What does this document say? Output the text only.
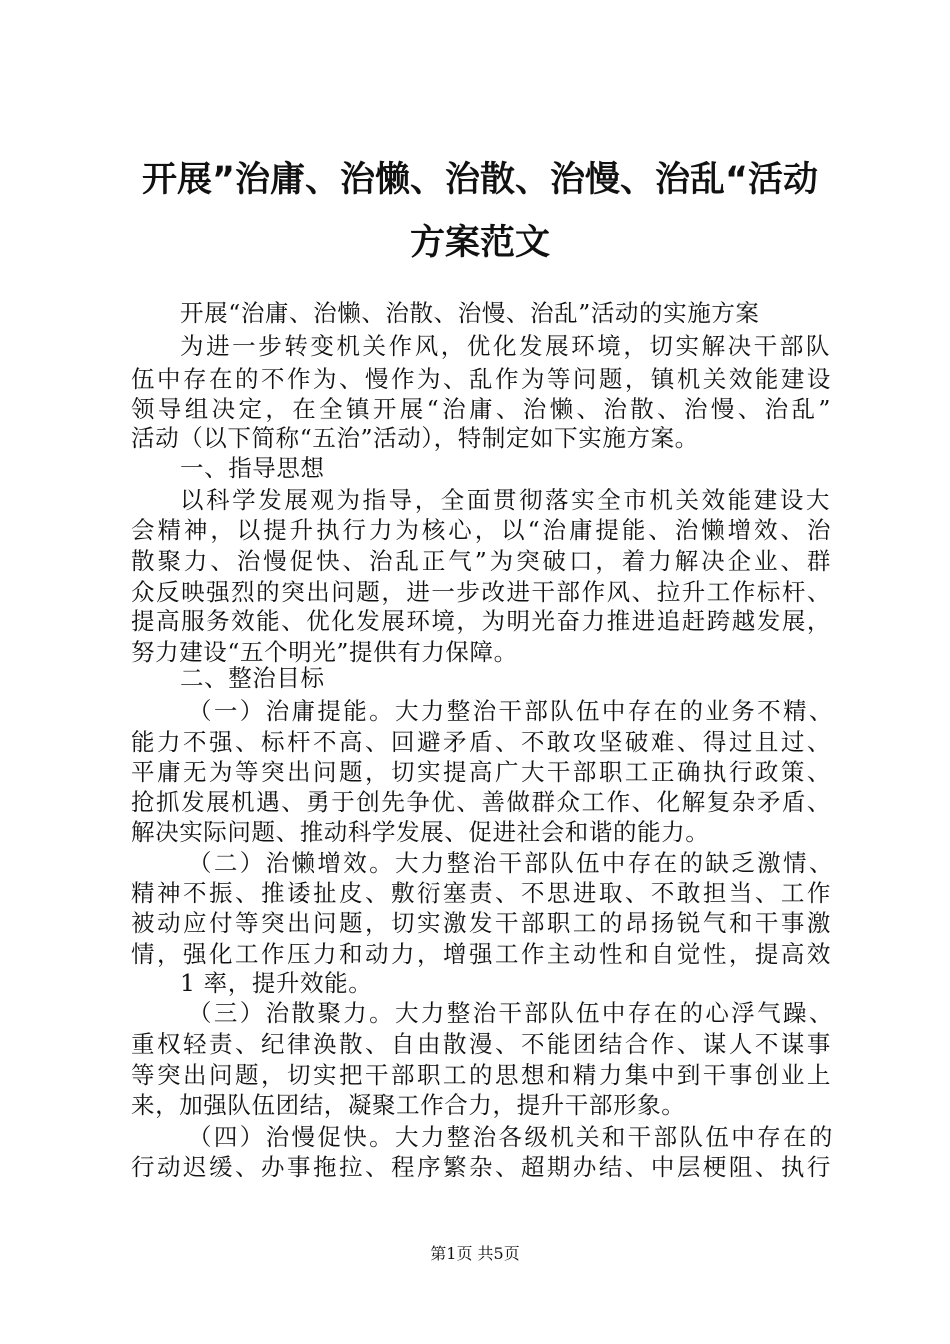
开展”治庸、治懒、治散、治慢、治乱“活动
方案范文
开展“治庸、治懒、治散、治慢、治乱”活动的实施方案
为进一步转变机关作风，优化发展环境，切实解决干部队
伍中存在的不作为、慢作为、乱作为等问题，镇机关效能建设
领导组决定，在全镇开展“治庸、治懒、治散、治慢、治乱”
活动（以下简称“五治”活动），特制定如下实施方案。
一、指导思想
以科学发展观为指导，全面贯彻落实全市机关效能建设大
会精神，以提升执行力为核心，以“治庸提能、治懒增效、治
散聚力、治慢促快、治乱正气”为突破口，着力解决企业、群
众反映强烈的突出问题，进一步改进干部作风、拉升工作标杆、
提高服务效能、优化发展环境，为明光奋力推进追赶跨越发展，
努力建设“五个明光”提供有力保障。
二、整治目标
（一）治庸提能。大力整治干部队伍中存在的业务不精、
能力不强、标杆不高、回避矛盾、不敢攻坚破难、得过且过、
平庸无为等突出问题，切实提高广大干部职工正确执行政策、
抢抓发展机遇、勇于创先争优、善做群众工作、化解复杂矛盾、
解决实际问题、推动科学发展、促进社会和谐的能力。
（二）治懒增效。大力整治干部队伍中存在的缺乏激情、
精神不振、推诿扯皮、敷衍塞责、不思进取、不敢担当、工作
被动应付等突出问题，切实激发干部职工的昂扬锐气和干事激
情，强化工作压力和动力，增强工作主动性和自觉性，提高效
1 率，提升效能。
（三）治散聚力。大力整治干部队伍中存在的心浮气躁、
重权轻责、纪律涣散、自由散漫、不能团结合作、谋人不谋事
等突出问题，切实把干部职工的思想和精力集中到干事创业上
来，加强队伍团结，凝聚工作合力，提升干部形象。
（四）治慢促快。大力整治各级机关和干部队伍中存在的
行动迟缓、办事拖拉、程序繁杂、超期办结、中层梗阻、执行
第1页 共5页
